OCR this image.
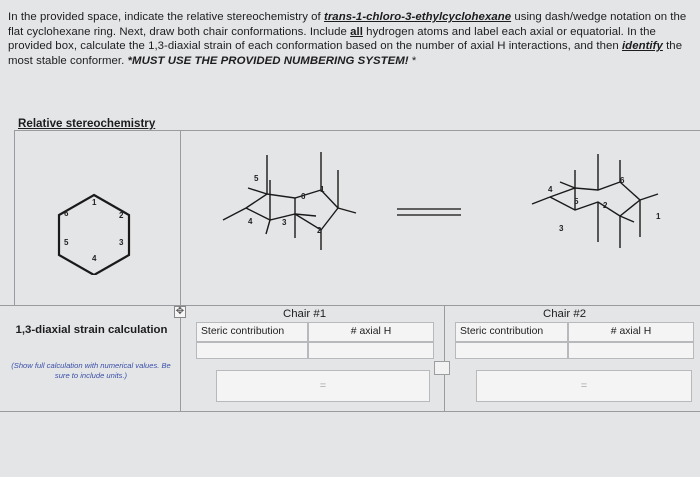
In the provided space, indicate the relative stereochemistry of trans-1-chloro-3-ethylcyclohexane using dash/wedge notation on the flat cyclohexane ring. Next, draw both chair conformations. Include all hydrogen atoms and label each axial or equatorial. In the provided box, calculate the 1,3-diaxial strain of each conformation based on the number of axial H interactions, and then identify the most stable conformer. *MUST USE THE PROVIDED NUMBERING SYSTEM! *
Relative stereochemistry
1
2
3
4
5
6
5
1
6
4	3
2
4
6
5	2
3
1
1,3-diaxial strain calculation
(Show full calculation with numerical values. Be sure to include units.)
✥	Chair #1
Steric contribution	# axial H
=
Chair #2
Steric contribution	# axial H
=
